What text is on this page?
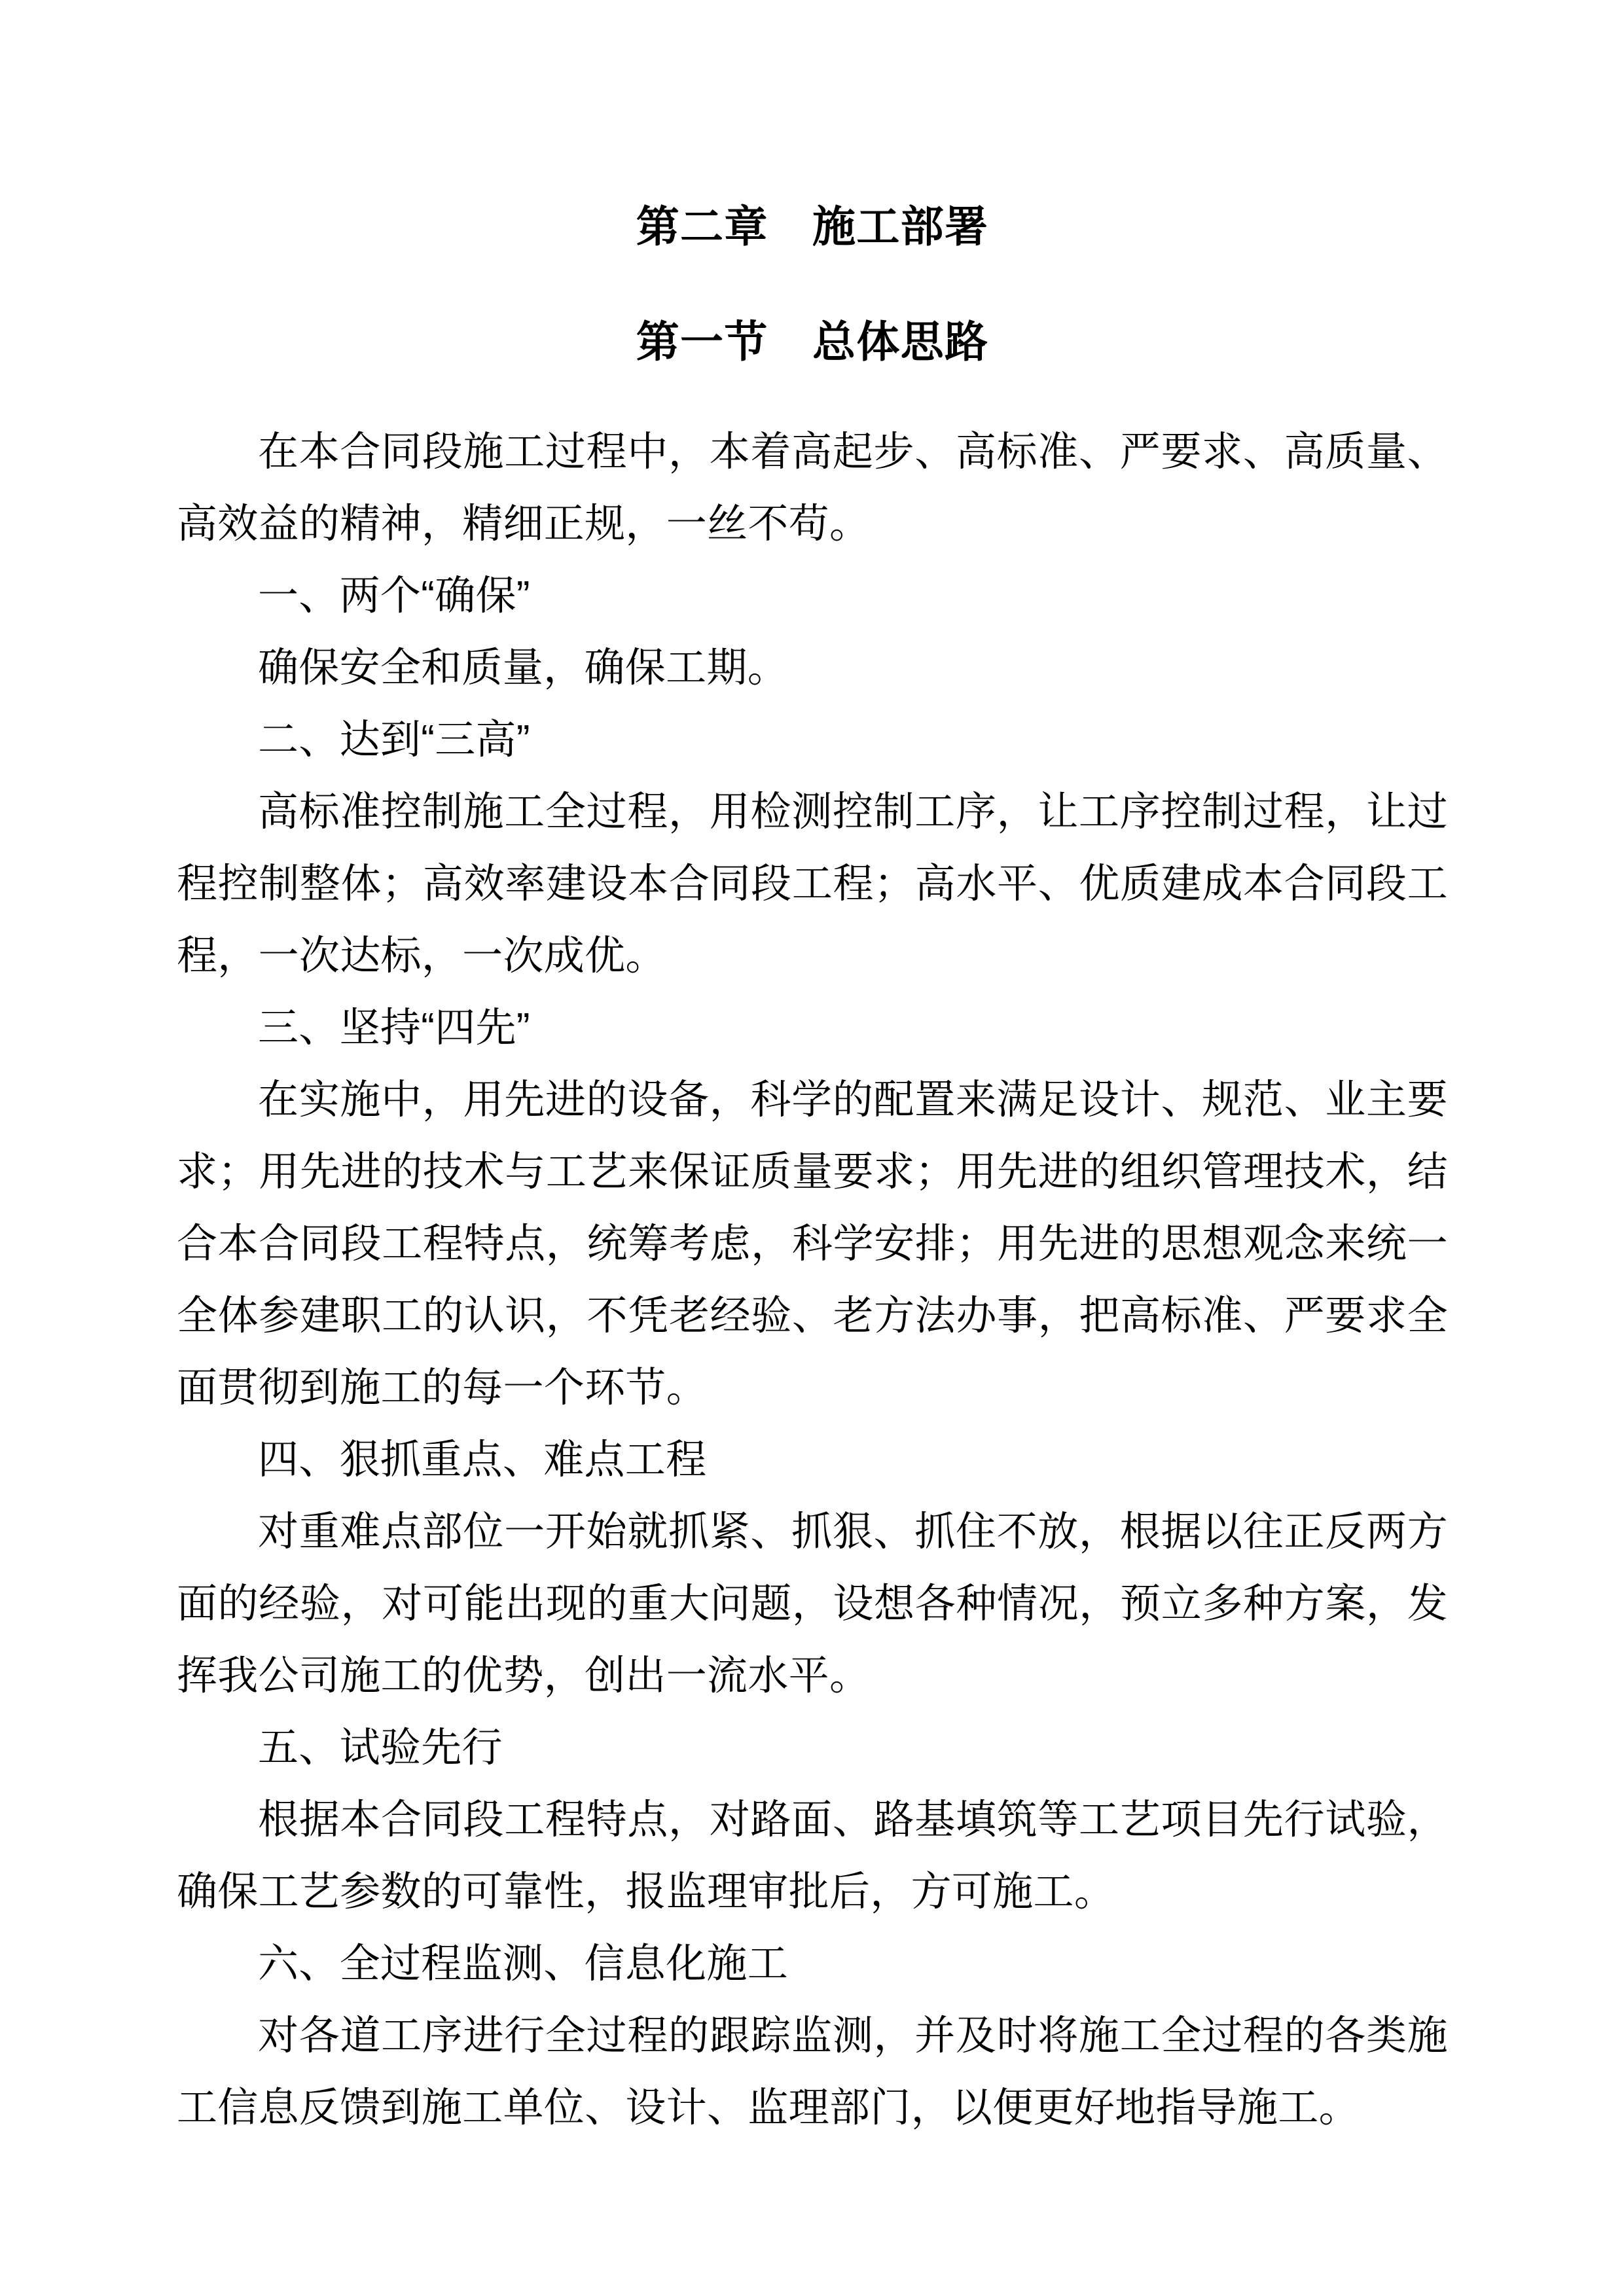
第二章　施工部署
第一节　总体思路

在本合同段施工过程中，本着高起步、高标准、严要求、高质量、高效益的精神，精细正规，一丝不苟。

一、两个“确保”

确保安全和质量，确保工期。

二、达到“三高”

高标准控制施工全过程，用检测控制工序，让工序控制过程，让过程控制整体；高效率建设本合同段工程；高水平、优质建成本合同段工程，一次达标，一次成优。

三、坚持“四先”

在实施中，用先进的设备，科学的配置来满足设计、规范、业主要求；用先进的技术与工艺来保证质量要求；用先进的组织管理技术，结合本合同段工程特点，统筹考虑，科学安排；用先进的思想观念来统一全体参建职工的认识，不凭老经验、老方法办事，把高标准、严要求全面贯彻到施工的每一个环节。

四、狠抓重点、难点工程

对重难点部位一开始就抓紧、抓狠、抓住不放，根据以往正反两方面的经验，对可能出现的重大问题，设想各种情况，预立多种方案，发挥我公司施工的优势，创出一流水平。

五、试验先行

根据本合同段工程特点，对路面、路基填筑等工艺项目先行试验，确保工艺参数的可靠性，报监理审批后，方可施工。

六、全过程监测、信息化施工

对各道工序进行全过程的跟踪监测，并及时将施工全过程的各类施工信息反馈到施工单位、设计、监理部门，以便更好地指导施工。
